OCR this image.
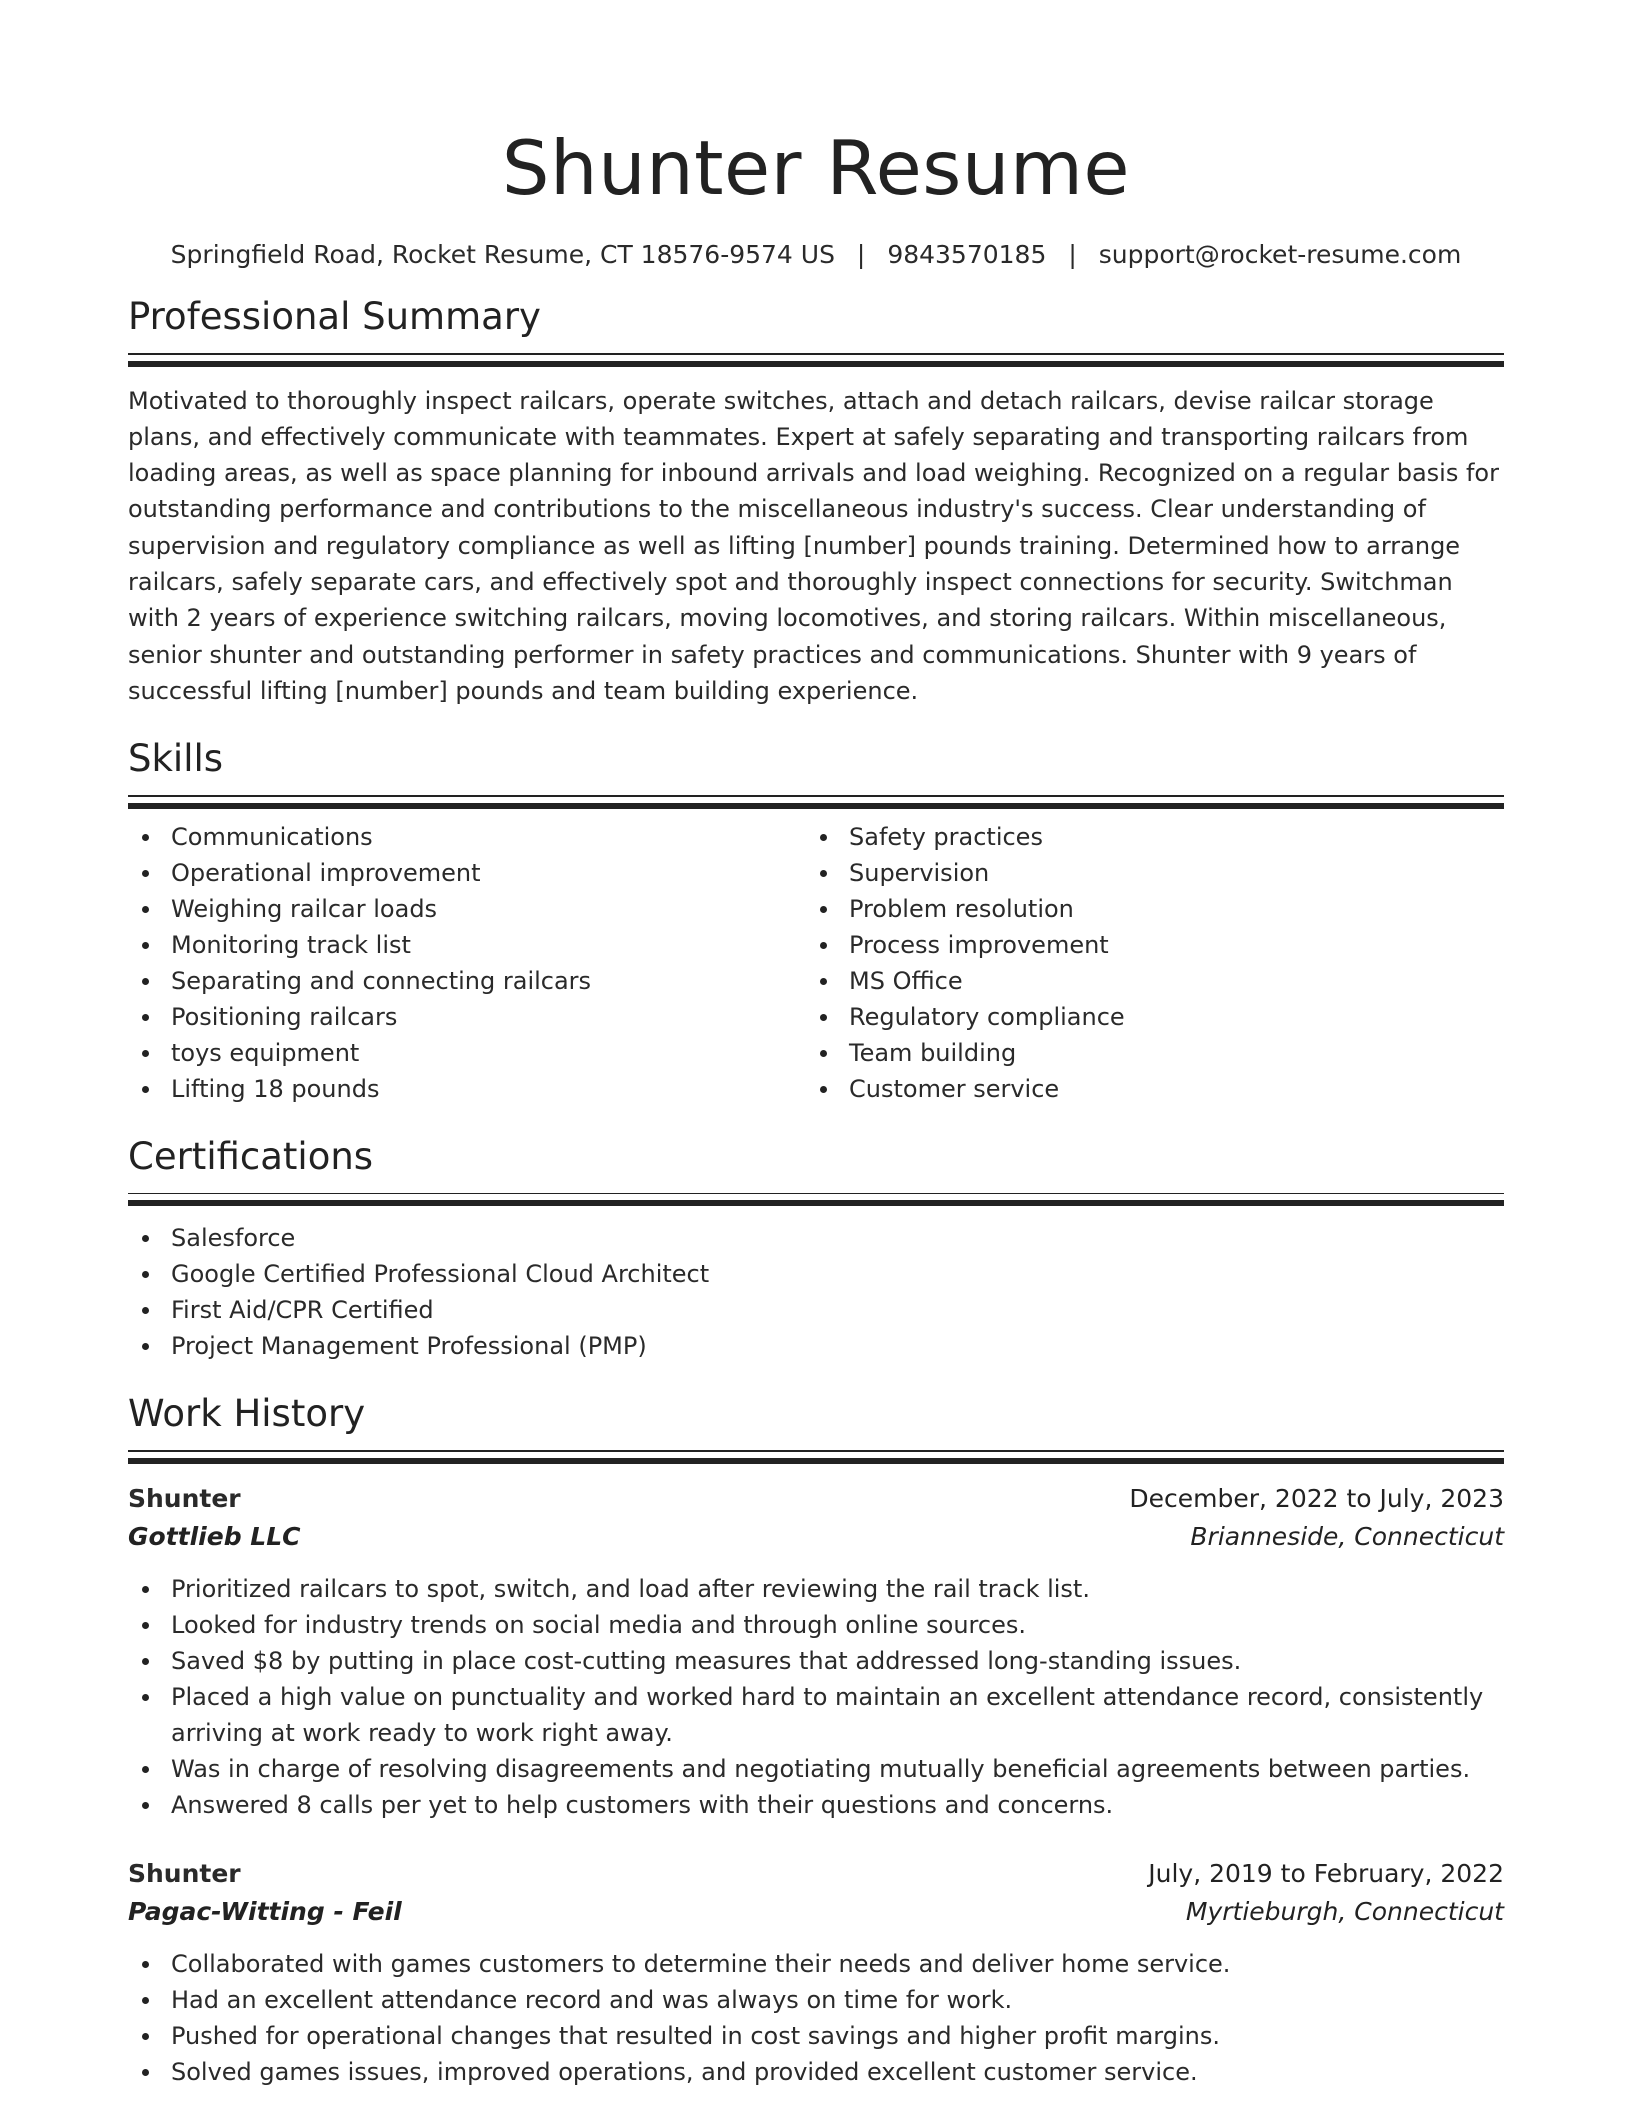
Shunter Resume
Springfield Road, Rocket Resume, CT 18576-9574 US | 9843570185 | support@rocket-resume.com
Professional Summary

Motivated to thoroughly inspect railcars, operate switches, attach and detach railcars, devise railcar storage plans, and effectively communicate with teammates. Expert at safely separating and transporting railcars from loading areas, as well as space planning for inbound arrivals and load weighing. Recognized on a regular basis for outstanding performance and contributions to the miscellaneous industry's success. Clear understanding of supervision and regulatory compliance as well as lifting [number] pounds training. Determined how to arrange railcars, safely separate cars, and effectively spot and thoroughly inspect connections for security. Switchman with 2 years of experience switching railcars, moving locomotives, and storing railcars. Within miscellaneous, senior shunter and outstanding performer in safety practices and communications. Shunter with 9 years of successful lifting [number] pounds and team building experience.

Skills
Communications
Operational improvement
Weighing railcar loads
Monitoring track list
Separating and connecting railcars
Positioning railcars
toys equipment
Lifting 18 pounds
Safety practices
Supervision
Problem resolution
Process improvement
MS Office
Regulatory compliance
Team building
Customer service
Certifications
Salesforce
Google Certified Professional Cloud Architect
First Aid/CPR Certified
Project Management Professional (PMP)
Work History
Shunter	December, 2022 to July, 2023
Gottlieb LLC	Brianneside, Connecticut
Prioritized railcars to spot, switch, and load after reviewing the rail track list.
Looked for industry trends on social media and through online sources.
Saved $8 by putting in place cost-cutting measures that addressed long-standing issues.
Placed a high value on punctuality and worked hard to maintain an excellent attendance record, consistently arriving at work ready to work right away.
Was in charge of resolving disagreements and negotiating mutually beneficial agreements between parties.
Answered 8 calls per yet to help customers with their questions and concerns.
Shunter	July, 2019 to February, 2022
Pagac-Witting - Feil	Myrtieburgh, Connecticut
Collaborated with games customers to determine their needs and deliver home service.
Had an excellent attendance record and was always on time for work.
Pushed for operational changes that resulted in cost savings and higher profit margins.
Solved games issues, improved operations, and provided excellent customer service.
